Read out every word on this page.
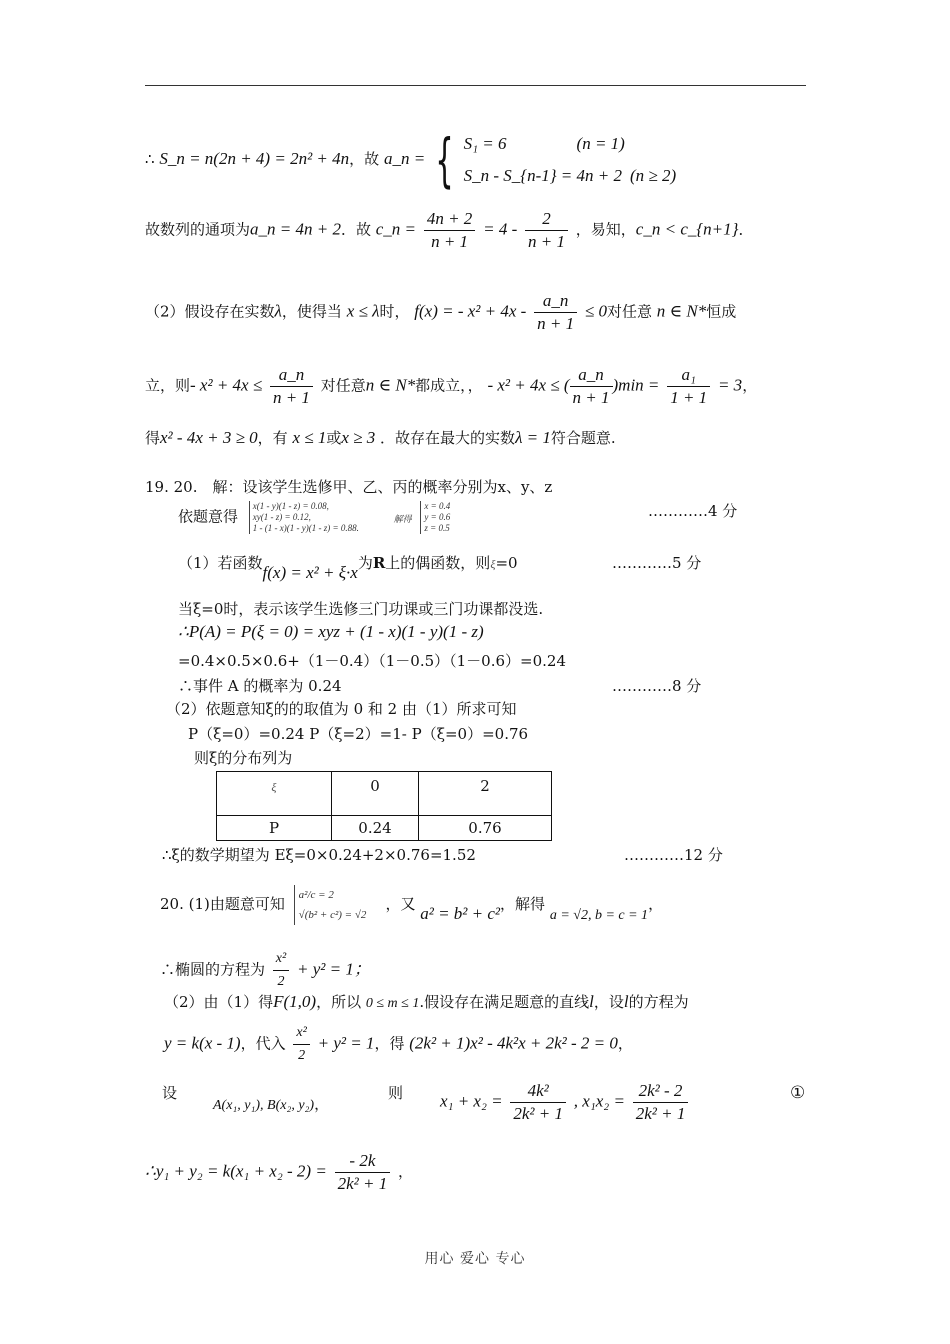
∴ S_n = n(2n + 4) = 2n² + 4n，故 a_n = { S₁ = 6	(n = 1)
S_n - S_{n-1} = 4n + 2 (n ≥ 2)
故数列的通项为a_n = 4n + 2．故 c_n = $\frac{4n + 2}{n + 1} = 4 - \frac{2}{n + 1}$ ，易知，c_n < c_{n+1}．
（2）假设存在实数λ，使得当 x ≤ λ时， f(x) = - $x^2 + 4x - \frac{a\_n}{n + 1} \le 0$对任意 n ∈ N*恒成
立，则- $x^2 + 4x \le \frac{a\_n}{n + 1}$ 对任意n ∈ N*都成立，， - x² + 4x ≤ ( $\frac{a\_n}{n + 1} )\min = \frac{\text{a₁}}{1 + 1} = 3$，
得x² - 4x + 3 ≥ 0，有 x ≤ 1或x ≥ 3 ．故存在最大的实数λ = 1符合题意.
19. 20.　解：设该学生选修甲、乙、丙的概率分别为x、y、z
依题意得
x(1 - y)(1 - z) = 0.08,
xy(1 - z) = 0.12,
1 - (1 - x)(1 - y)(1 - z) = 0.88.
解得
x = 0.4
y = 0.6
z = 0.5
…………4 分
（1）若函数f(x) = x² + ξ·x为R上的偶函数，则ξ=0	…………5 分
当ξ=0时，表示该学生选修三门功课或三门功课都没选.
∴P(A) = P(ξ = 0) = xyz + (1 - x)(1 - y)(1 - z)
=0.4×0.5×0.6+（1－0.4）（1－0.5）（1－0.6）=0.24
∴事件 A 的概率为 0.24	…………8 分
（2）依题意知ξ的的取值为 0 和 2 由（1）所求可知
P（ξ=0）=0.24 P（ξ=2）=1- P（ξ=0）=0.76
则ξ的分布列为
$^\xi$	0	2
P	0.24	0.76
∴ξ的数学期望为 Eξ=0×0.24+2×0.76=1.52	…………12 分
20. (1)由题意可知 a²/c = 2
√(b² + c²) = √2
，又 a² = b² + c²，解得 a = √2, b = c = 1，
∴椭圆的方程为 $\frac{\text{x²}}{2} + y^2 = 1$；
（2）由（1）得F(1,0)，所以 0 ≤ m ≤ 1.假设存在满足题意的直线l，设l的方程为
y = k(x - 1)，代入 $\frac{\text{x²}}{2} + y^2 = 1$，得 (2k² + 1)x² - 4k²x + 2k² - 2 = 0，
设
A(x₁, y₁), B(x₂, y₂)，
则 $x_1 + x_2 = \frac{\text{4k²}}{\text{2k² + 1}}$ , $x_1x_2 = \frac{\text{2k² - 2}}{\text{2k² + 1}}$	①
∴y₁ + $y_2 = k(x_1 + x_2 - 2) = \frac{- 2k}{\text{2k² + 1}}$ ，
用心 爱心 专心
